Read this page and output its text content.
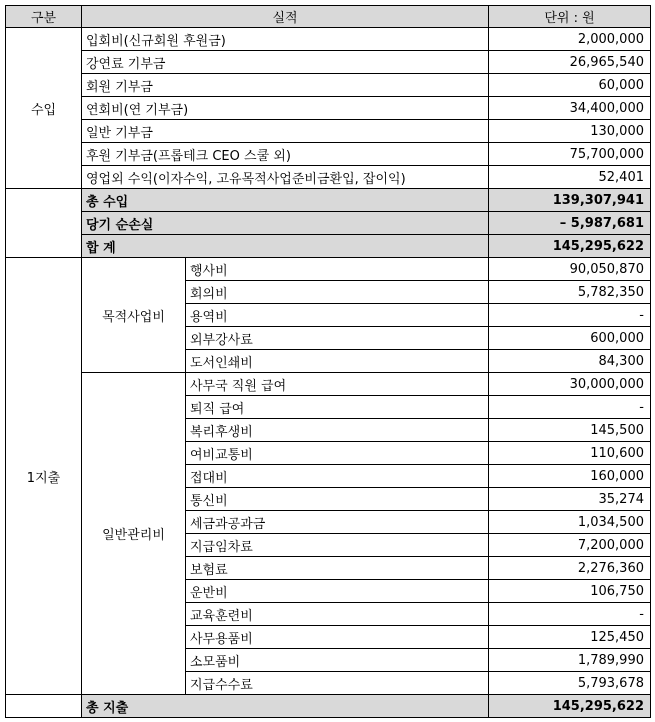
구분	실적		단위 : 원
수입	입회비(신규회원 후원금)		2,000,000
	강연료 기부금		26,965,540
	회원 기부금		60,000
	연회비(연 기부금)		34,400,000
	일반 기부금		130,000
	후원 기부금(프롭테크 CEO 스쿨 외)		75,700,000
	영업외 수익(이자수익, 고유목적사업준비금환입, 잡이익)		52,401
	총 수입		139,307,941
	당기 순손실		– 5,987,681
	합 계		145,295,622
1지출	목적사업비	행사비	90,050,870
		회의비	5,782,350
		용역비	-
		외부강사료	600,000
		도서인쇄비	84,300
	일반관리비	사무국 직원 급여	30,000,000
		퇴직 급여	-
		복리후생비	145,500
		여비교통비	110,600
		접대비	160,000
		통신비	35,274
		세금과공과금	1,034,500
		지급임차료	7,200,000
		보험료	2,276,360
		운반비	106,750
		교육훈련비	-
		사무용품비	125,450
		소모품비	1,789,990
		지급수수료	5,793,678
	총 지출		145,295,622
